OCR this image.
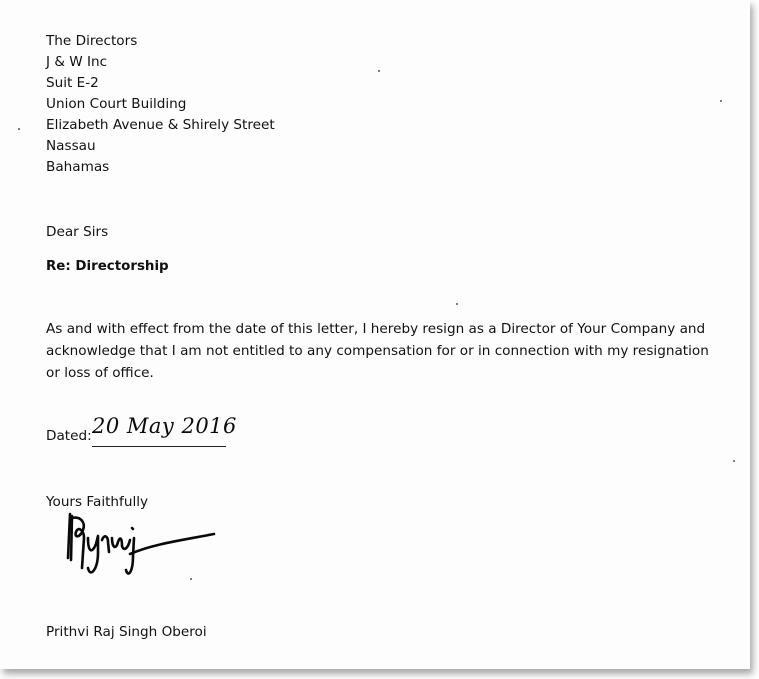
The Directors
J & W Inc
Suit E-2
Union Court Building
Elizabeth Avenue & Shirely Street
Nassau
Bahamas
Dear Sirs
Re: Directorship
As and with effect from the date of this letter, I hereby resign as a Director of Your Company and acknowledge that I am not entitled to any compensation for or in connection with my resignation or loss of office.
Dated: 20 May 2016
Yours Faithfully
Prithvi Raj Singh Oberoi
